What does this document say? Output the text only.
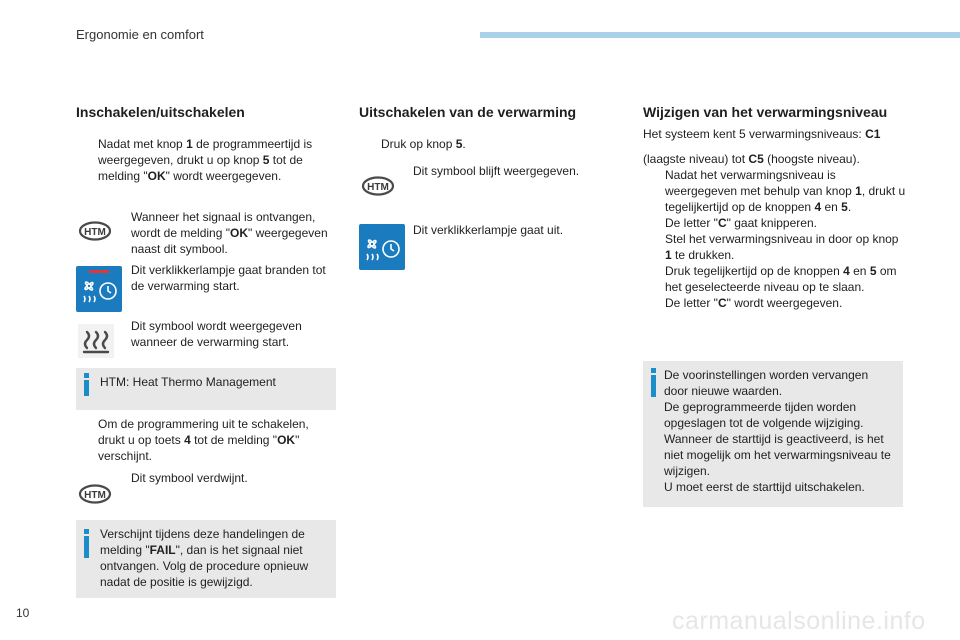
Ergonomie en comfort
Inschakelen/uitschakelen
Nadat met knop 1 de programmeertijd is weergegeven, drukt u op knop 5 tot de melding "OK" wordt weergegeven.
HTM
Wanneer het signaal is ontvangen, wordt de melding "OK" weergegeven naast dit symbool.
Dit verklikkerlampje gaat branden tot de verwarming start.
Dit symbool wordt weergegeven wanneer de verwarming start.
HTM: Heat Thermo Management
Om de programmering uit te schakelen, drukt u op toets 4 tot de melding "OK" verschijnt.
HTM
Dit symbool verdwijnt.
Verschijnt tijdens deze handelingen de melding "FAIL", dan is het signaal niet ontvangen. Volg de procedure opnieuw nadat de positie is gewijzigd.
Uitschakelen van de verwarming
Druk op knop 5.
HTM
Dit symbool blijft weergegeven.
Dit verklikkerlampje gaat uit.
Wijzigen van het verwarmingsniveau
Het systeem kent 5 verwarmingsniveaus: C1
(laagste niveau) tot C5 (hoogste niveau).
Nadat het verwarmingsniveau is weergegeven met behulp van knop 1, drukt u tegelijkertijd op de knoppen 4 en 5.
De letter "C" gaat knipperen.
Stel het verwarmingsniveau in door op knop 1 te drukken.
Druk tegelijkertijd op de knoppen 4 en 5 om het geselecteerde niveau op te slaan.
De letter "C" wordt weergegeven.
De voorinstellingen worden vervangen door nieuwe waarden.
De geprogrammeerde tijden worden opgeslagen tot de volgende wijziging.
Wanneer de starttijd is geactiveerd, is het niet mogelijk om het verwarmingsniveau te wijzigen.
U moet eerst de starttijd uitschakelen.
10	carmanualsonline.info
